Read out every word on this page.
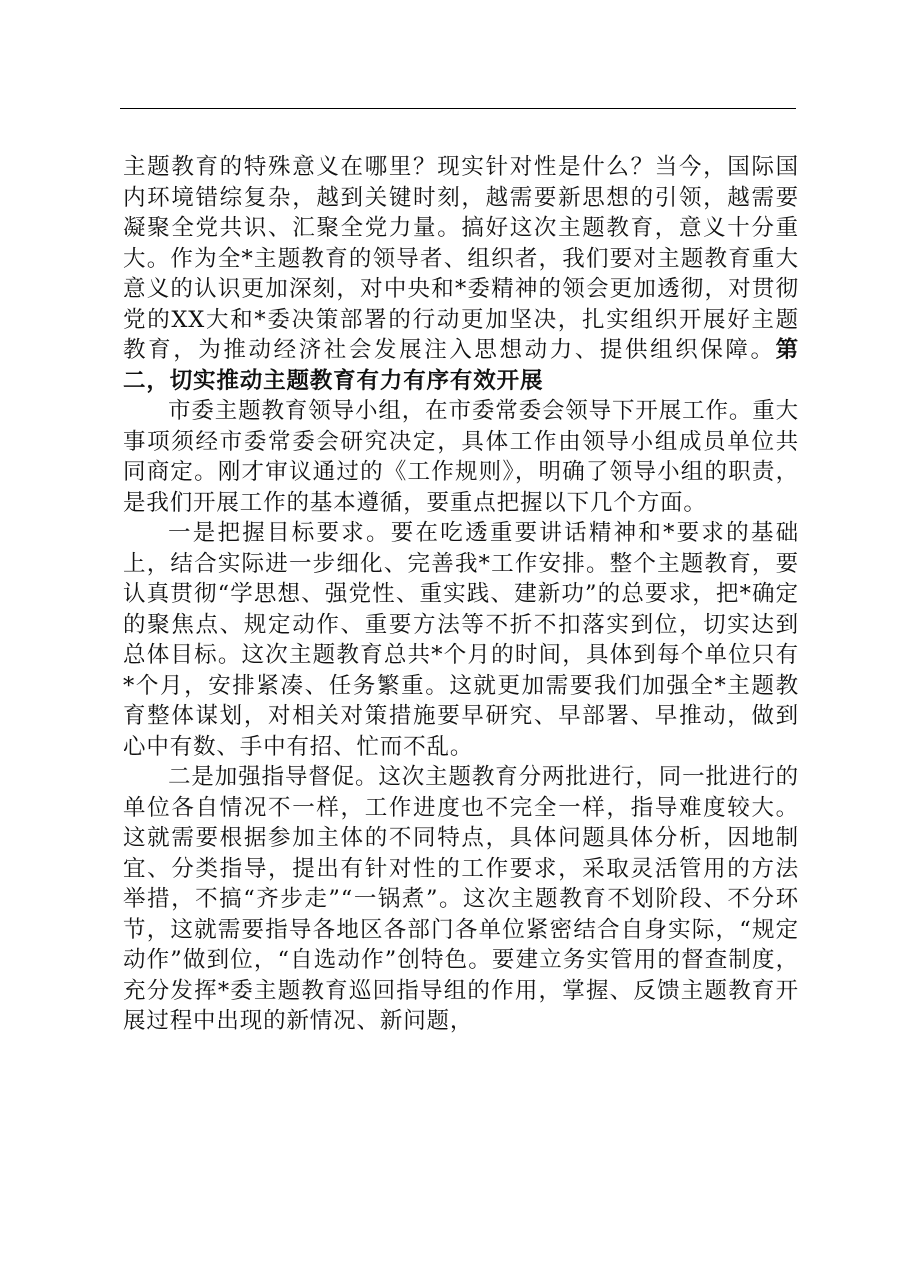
主题教育的特殊意义在哪里？现实针对性是什么？当今，国际国内环境错综复杂，越到关键时刻，越需要新思想的引领，越需要凝聚全党共识、汇聚全党力量。搞好这次主题教育，意义十分重大。作为全*主题教育的领导者、组织者，我们要对主题教育重大意义的认识更加深刻，对中央和*委精神的领会更加透彻，对贯彻党的XX大和*委决策部署的行动更加坚决，扎实组织开展好主题教育，为推动经济社会发展注入思想动力、提供组织保障。第二，切实推动主题教育有力有序有效开展

市委主题教育领导小组，在市委常委会领导下开展工作。重大事项须经市委常委会研究决定，具体工作由领导小组成员单位共同商定。刚才审议通过的《工作规则》，明确了领导小组的职责，是我们开展工作的基本遵循，要重点把握以下几个方面。

一是把握目标要求。要在吃透重要讲话精神和*要求的基础上，结合实际进一步细化、完善我*工作安排。整个主题教育，要认真贯彻“学思想、强党性、重实践、建新功”的总要求，把*确定的聚焦点、规定动作、重要方法等不折不扣落实到位，切实达到总体目标。这次主题教育总共*个月的时间，具体到每个单位只有*个月，安排紧凑、任务繁重。这就更加需要我们加强全*主题教育整体谋划，对相关对策措施要早研究、早部署、早推动，做到心中有数、手中有招、忙而不乱。

二是加强指导督促。这次主题教育分两批进行，同一批进行的单位各自情况不一样，工作进度也不完全一样，指导难度较大。这就需要根据参加主体的不同特点，具体问题具体分析，因地制宜、分类指导，提出有针对性的工作要求，采取灵活管用的方法举措，不搞“齐步走”“一锅煮”。这次主题教育不划阶段、不分环节，这就需要指导各地区各部门各单位紧密结合自身实际，“规定动作”做到位，“自选动作”创特色。要建立务实管用的督查制度，充分发挥*委主题教育巡回指导组的作用，掌握、反馈主题教育开展过程中出现的新情况、新问题，
